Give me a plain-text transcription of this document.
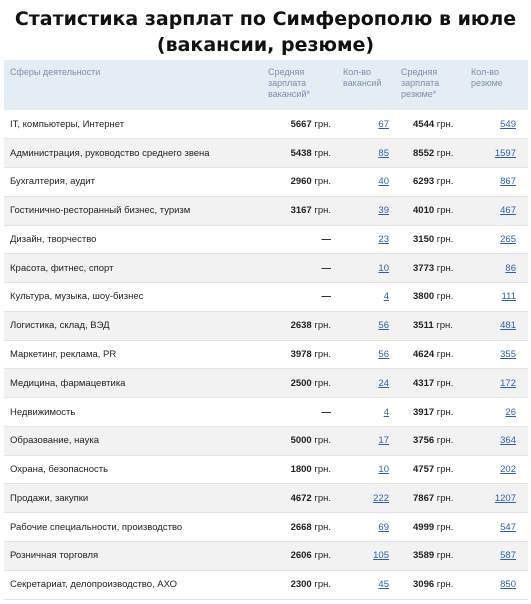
Статистика зарплат по Симферополю в июле
(вакансии, резюме)
Сферы деятельности	Средняя зарплата вакансий*	Кол-во вакансий	Средняя зарплата резюме*	Кол-во резюме
IT, компьютеры, Интернет	5667 грн.	67	4544 грн.	549
Администрация, руководство среднего звена	5438 грн.	85	8552 грн.	1597
Бухгалтерия, аудит	2960 грн.	40	6293 грн.	867
Гостинично-ресторанный бизнес, туризм	3167 грн.	39	4010 грн.	467
Дизайн, творчество	—	23	3150 грн.	265
Красота, фитнес, спорт	—	10	3773 грн.	86
Культура, музыка, шоу-бизнес	—	4	3800 грн.	111
Логистика, склад, ВЭД	2638 грн.	56	3511 грн.	481
Маркетинг, реклама, PR	3978 грн.	56	4624 грн.	355
Медицина, фармацевтика	2500 грн.	24	4317 грн.	172
Недвижимость	—	4	3917 грн.	26
Образование, наука	5000 грн.	17	3756 грн.	364
Охрана, безопасность	1800 грн.	10	4757 грн.	202
Продажи, закупки	4672 грн.	222	7867 грн.	1207
Рабочие специальности, производство	2668 грн.	69	4999 грн.	547
Розничная торговля	2606 грн.	105	3589 грн.	587
Секретариат, делопроизводство, АХО	2300 грн.	45	3096 грн.	850
